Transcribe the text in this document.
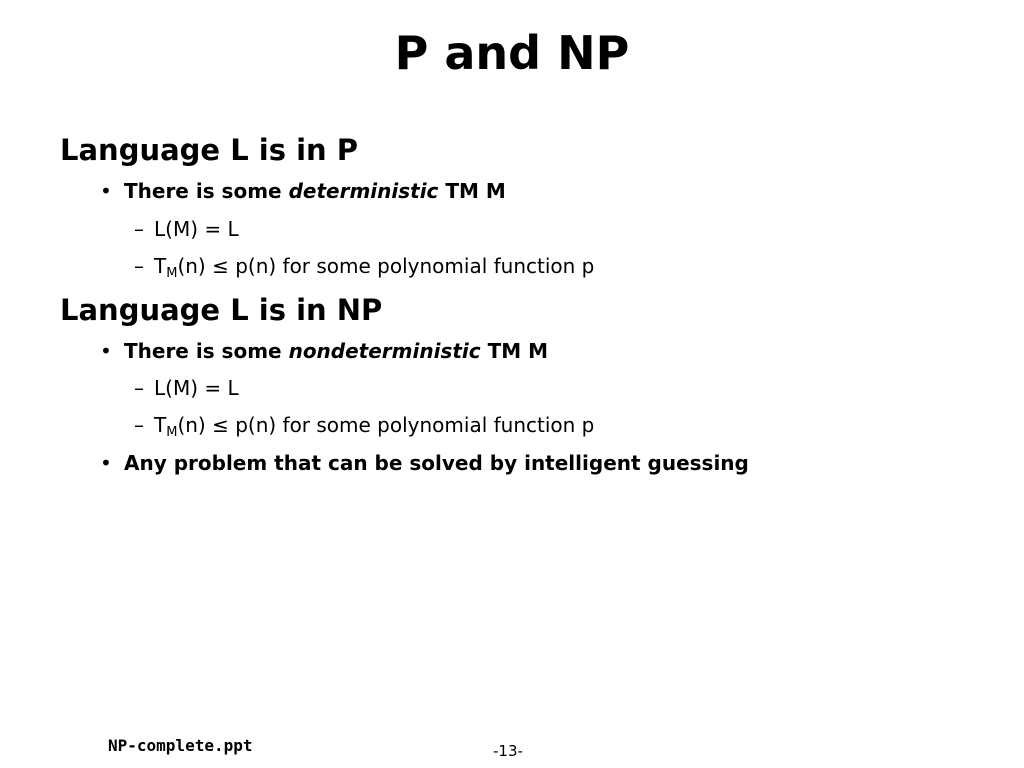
P and NP
Language L is in P
• There is some deterministic TM M
– L(M) = L
– $T_M(n) \le p(n)$ for some polynomial function p
Language L is in NP
• There is some nondeterministic TM M
– L(M) = L
– $T_M(n) \le p(n)$ for some polynomial function p
• Any problem that can be solved by intelligent guessing
NP-complete.ppt	-13-
